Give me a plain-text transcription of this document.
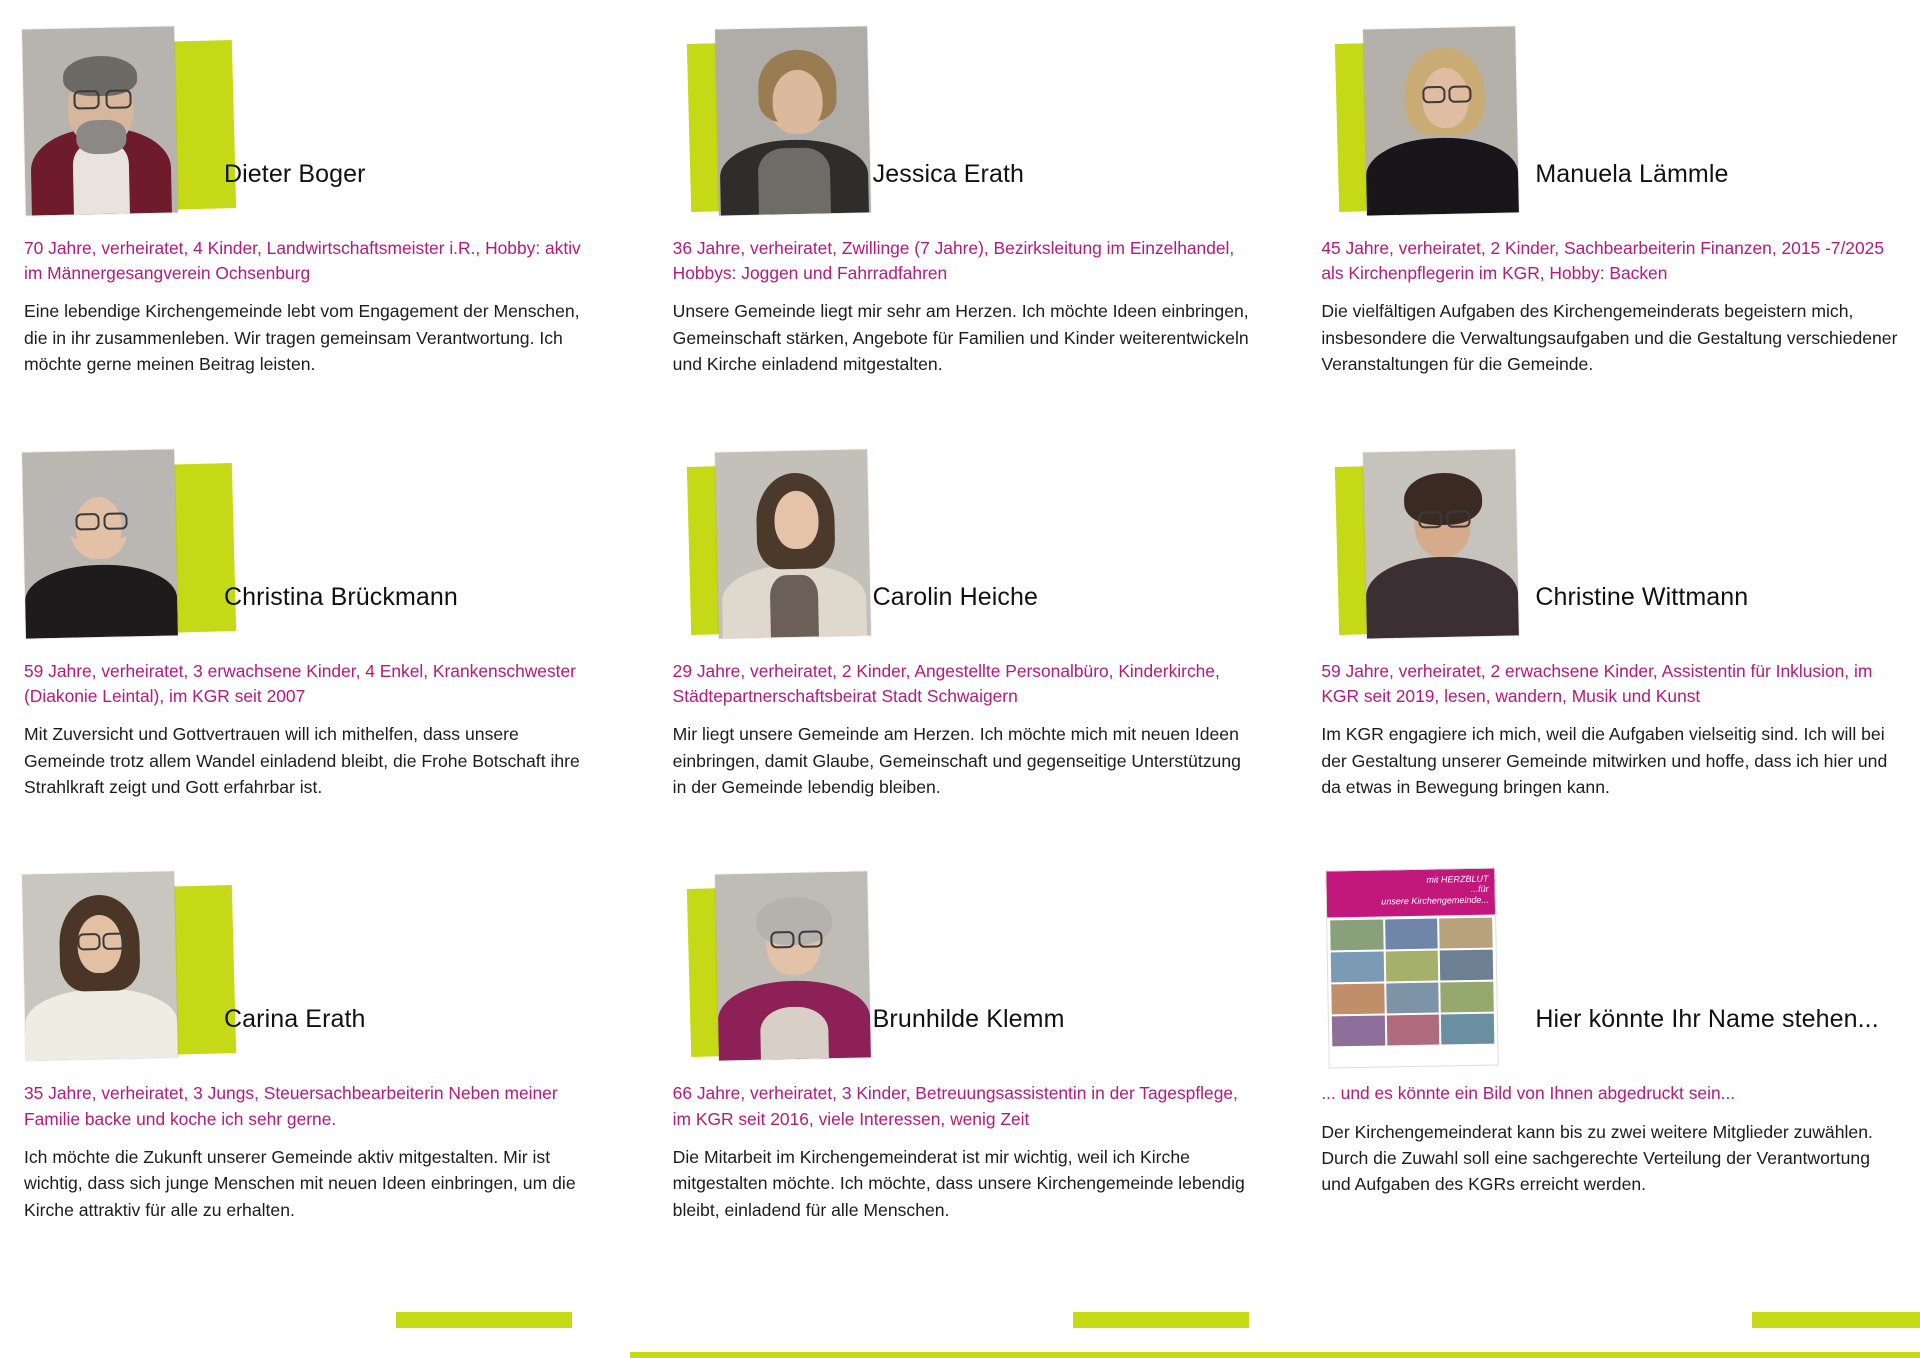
Dieter Boger

70 Jahre, verheiratet, 4 Kinder, Landwirtschaftsmeister i.R., Hobby: aktiv im Männergesangverein Ochsenburg

Eine lebendige Kirchengemeinde lebt vom Engagement der Menschen, die in ihr zusammenleben. Wir tragen gemeinsam Verantwortung. Ich möchte gerne meinen Beitrag leisten.

Jessica Erath

36 Jahre, verheiratet, Zwillinge (7 Jahre), Bezirksleitung im Einzelhandel, Hobbys: Joggen und Fahrradfahren

Unsere Gemeinde liegt mir sehr am Herzen. Ich möchte Ideen einbringen, Gemeinschaft stärken, Angebote für Familien und Kinder weiterentwickeln und Kirche einladend mitgestalten.

Manuela Lämmle

45 Jahre, verheiratet, 2 Kinder, Sachbearbeiterin Finanzen, 2015 -7/2025 als Kirchenpflegerin im KGR, Hobby: Backen

Die vielfältigen Aufgaben des Kirchengemeinderats begeistern mich, insbesondere die Verwaltungsaufgaben und die Gestaltung verschiedener Veranstaltungen für die Gemeinde.

Christina Brückmann

59 Jahre, verheiratet, 3 erwachsene Kinder, 4 Enkel, Krankenschwester (Diakonie Leintal), im KGR seit 2007

Mit Zuversicht und Gottvertrauen will ich mithelfen, dass unsere Gemeinde trotz allem Wandel einladend bleibt, die Frohe Botschaft ihre Strahlkraft zeigt und Gott erfahrbar ist.

Carolin Heiche

29 Jahre, verheiratet, 2 Kinder, Angestellte Personalbüro, Kinderkirche, Städtepartnerschaftsbeirat Stadt Schwaigern

Mir liegt unsere Gemeinde am Herzen. Ich möchte mich mit neuen Ideen einbringen, damit Glaube, Gemeinschaft und gegenseitige Unterstützung in der Gemeinde lebendig bleiben.

Christine Wittmann

59 Jahre, verheiratet, 2 erwachsene Kinder, Assistentin für Inklusion, im KGR seit 2019, lesen, wandern, Musik und Kunst

Im KGR engagiere ich mich, weil die Aufgaben vielseitig sind. Ich will bei der Gestaltung unserer Gemeinde mitwirken und hoffe, dass ich hier und da etwas in Bewegung bringen kann.

Carina Erath

35 Jahre, verheiratet, 3 Jungs, Steuersachbearbeiterin Neben meiner Familie backe und koche ich sehr gerne.

Ich möchte die Zukunft unserer Gemeinde aktiv mitgestalten. Mir ist wichtig, dass sich junge Menschen mit neuen Ideen einbringen, um die Kirche attraktiv für alle zu erhalten.

Brunhilde Klemm

66 Jahre, verheiratet, 3 Kinder, Betreuungsassistentin in der Tagespflege, im KGR seit 2016, viele Interessen, wenig Zeit

Die Mitarbeit im Kirchengemeinderat ist mir wichtig, weil ich Kirche mitgestalten möchte. Ich möchte, dass unsere Kirchengemeinde lebendig bleibt, einladend für alle Menschen.

mit HERZBLUT
...für
unsere Kirchengemeinde...
Hier könnte Ihr Name stehen...

... und es könnte ein Bild von Ihnen abgedruckt sein...

Der Kirchengemeinderat kann bis zu zwei weitere Mitglieder zuwählen. Durch die Zuwahl soll eine sachgerechte Verteilung der Verantwortung und Aufgaben des KGRs erreicht werden.
